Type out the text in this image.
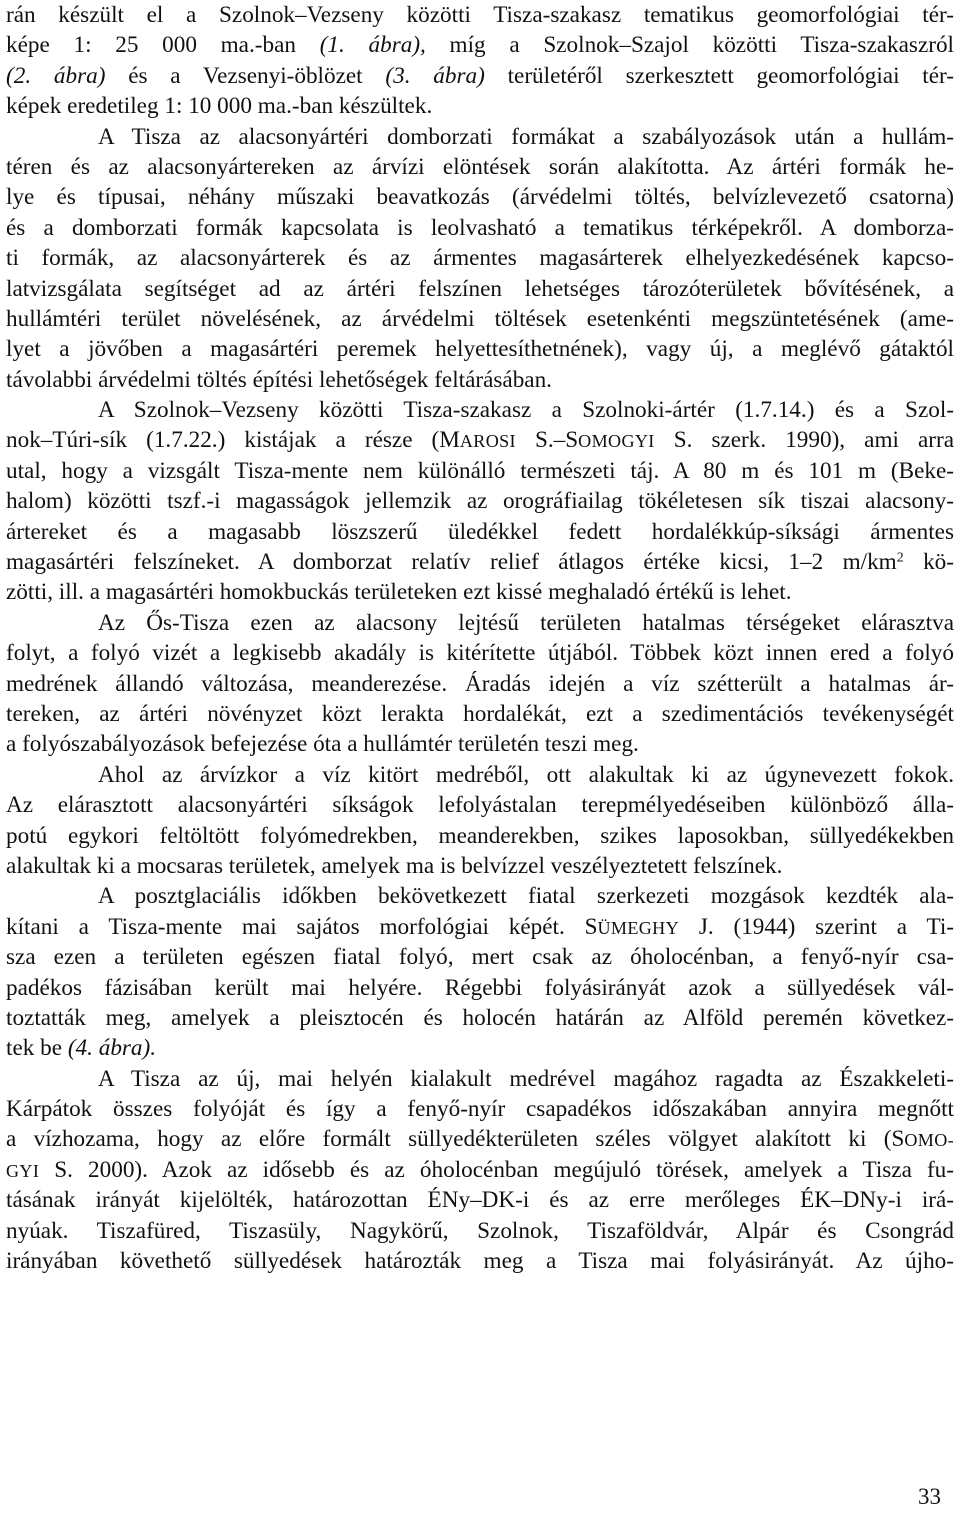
rán készült el a Szolnok–Vezseny közötti Tisza-szakasz tematikus geomorfológiai tér-
képe 1: 25 000 ma.-ban (1. ábra), míg a Szolnok–Szajol közötti Tisza-szakaszról
(2. ábra) és a Vezsenyi-öblözet (3. ábra) területéről szerkesztett geomorfológiai tér-
képek eredetileg 1: 10 000 ma.-ban készültek.
A Tisza az alacsonyártéri domborzati formákat a szabályozások után a hullám-
téren és az alacsonyártereken az árvízi elöntések során alakította. Az ártéri formák he-
lye és típusai, néhány műszaki beavatkozás (árvédelmi töltés, belvízlevezető csatorna)
és a domborzati formák kapcsolata is leolvasható a tematikus térképekről. A domborza-
ti formák, az alacsonyárterek és az ármentes magasárterek elhelyezkedésének kapcso-
latvizsgálata segítséget ad az ártéri felszínen lehetséges tározóterületek bővítésének, a
hullámtéri terület növelésének, az árvédelmi töltések esetenkénti megszüntetésének (ame-
lyet a jövőben a magasártéri peremek helyettesíthetnének), vagy új, a meglévő gátaktól
távolabbi árvédelmi töltés építési lehetőségek feltárásában.
A Szolnok–Vezseny közötti Tisza-szakasz a Szolnoki-ártér (1.7.14.) és a Szol-
nok–Túri-sík (1.7.22.) kistájak a része (MAROSI S.–SOMOGYI S. szerk. 1990), ami arra
utal, hogy a vizsgált Tisza-mente nem különálló természeti táj. A 80 m és 101 m (Beke-
halom) közötti tszf.-i magasságok jellemzik az orográfiailag tökéletesen sík tiszai alacsony-
ártereket és a magasabb löszszerű üledékkel fedett hordalékkúp-síksági ármentes
magasártéri felszíneket. A domborzat relatív relief átlagos értéke kicsi, 1–2 $m/km^2$ kö-
zötti, ill. a magasártéri homokbuckás területeken ezt kissé meghaladó értékű is lehet.
Az Ős-Tisza ezen az alacsony lejtésű területen hatalmas térségeket elárasztva
folyt, a folyó vizét a legkisebb akadály is kitérítette útjából. Többek közt innen ered a folyó
medrének állandó változása, meanderezése. Áradás idején a víz szétterült a hatalmas ár-
tereken, az ártéri növényzet közt lerakta hordalékát, ezt a szedimentációs tevékenységét
a folyószabályozások befejezése óta a hullámtér területén teszi meg.
Ahol az árvízkor a víz kitört medréből, ott alakultak ki az úgynevezett fokok.
Az elárasztott alacsonyártéri síkságok lefolyástalan terepmélyedéseiben különböző álla-
potú egykori feltöltött folyómedrekben, meanderekben, szikes laposokban, süllyedékekben
alakultak ki a mocsaras területek, amelyek ma is belvízzel veszélyeztetett felszínek.
A posztglaciális időkben bekövetkezett fiatal szerkezeti mozgások kezdték ala-
kítani a Tisza-mente mai sajátos morfológiai képét. SÜMEGHY J. (1944) szerint a Ti-
sza ezen a területen egészen fiatal folyó, mert csak az óholocénban, a fenyő-nyír csa-
padékos fázisában került mai helyére. Régebbi folyásirányát azok a süllyedések vál-
toztatták meg, amelyek a pleisztocén és holocén határán az Alföld peremén következ-
tek be (4. ábra).
A Tisza az új, mai helyén kialakult medrével magához ragadta az Északkeleti-
Kárpátok összes folyóját és így a fenyő-nyír csapadékos időszakában annyira megnőtt
a vízhozama, hogy az előre formált süllyedékterületen széles völgyet alakított ki (SOMO-
GYI S. 2000). Azok az idősebb és az óholocénban megújuló törések, amelyek a Tisza fu-
tásának irányát kijelölték, határozottan ÉNy–DK-i és az erre merőleges ÉK–DNy-i irá-
nyúak. Tiszafüred, Tiszasüly, Nagykörű, Szolnok, Tiszaföldvár, Alpár és Csongrád
irányában követhető süllyedések határozták meg a Tisza mai folyásirányát. Az újho-
33
